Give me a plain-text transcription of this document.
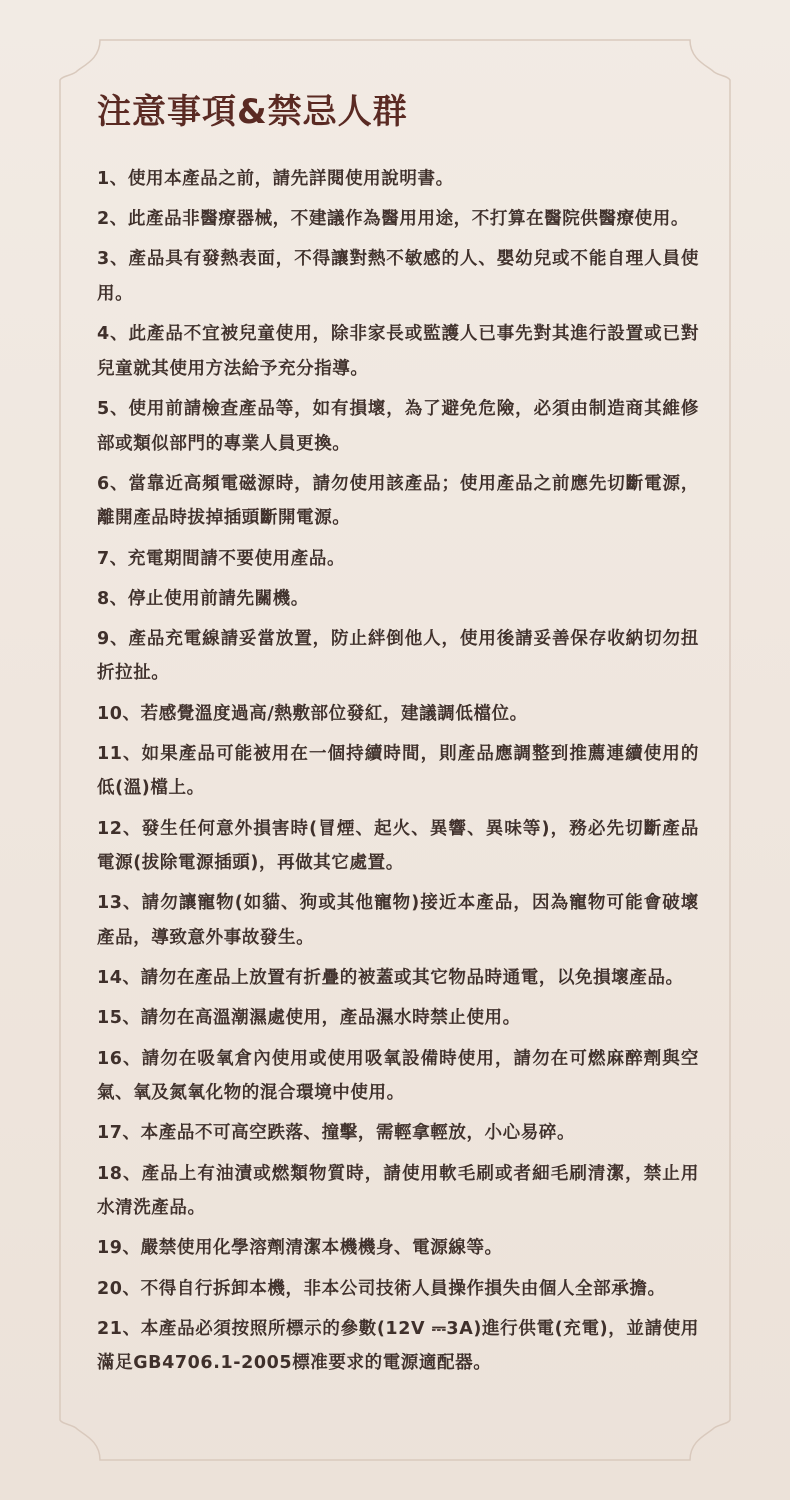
注意事項&禁忌人群
1、使用本產品之前，請先詳閱使用說明書。
2、此產品非醫療器械，不建議作為醫用用途，不打算在醫院供醫療使用。
3、產品具有發熱表面，不得讓對熱不敏感的人、嬰幼兒或不能自理人員使用。
4、此產品不宜被兒童使用，除非家長或監護人已事先對其進行設置或已對兒童就其使用方法給予充分指導。
5、使用前請檢查產品等，如有損壞，為了避免危險，必須由制造商其維修部或類似部門的專業人員更換。
6、當靠近高頻電磁源時，請勿使用該產品；使用產品之前應先切斷電源，離開產品時拔掉插頭斷開電源。
7、充電期間請不要使用產品。
8、停止使用前請先關機。
9、產品充電線請妥當放置，防止絆倒他人，使用後請妥善保存收納切勿扭折拉扯。
10、若感覺溫度過高/熱敷部位發紅，建議調低檔位。
11、如果產品可能被用在一個持續時間，則產品應調整到推薦連續使用的低(溫)檔上。
12、發生任何意外損害時(冒煙、起火、異響、異味等)，務必先切斷產品電源(拔除電源插頭)，再做其它處置。
13、請勿讓寵物(如貓、狗或其他寵物)接近本產品，因為寵物可能會破壞產品，導致意外事故發生。
14、請勿在產品上放置有折疊的被蓋或其它物品時通電，以免損壞產品。
15、請勿在高溫潮濕處使用，產品濕水時禁止使用。
16、請勿在吸氧倉內使用或使用吸氧設備時使用，請勿在可燃麻醉劑與空氣、氧及氮氧化物的混合環境中使用。
17、本產品不可高空跌落、撞擊，需輕拿輕放，小心易碎。
18、產品上有油漬或燃類物質時，請使用軟毛刷或者細毛刷清潔，禁止用水清洗產品。
19、嚴禁使用化學溶劑清潔本機機身、電源線等。
20、不得自行拆卸本機，非本公司技術人員操作損失由個人全部承擔。
21、本產品必須按照所標示的參數(12V ⎓3A)進行供電(充電)，並請使用滿足GB4706.1-2005標准要求的電源適配器。
